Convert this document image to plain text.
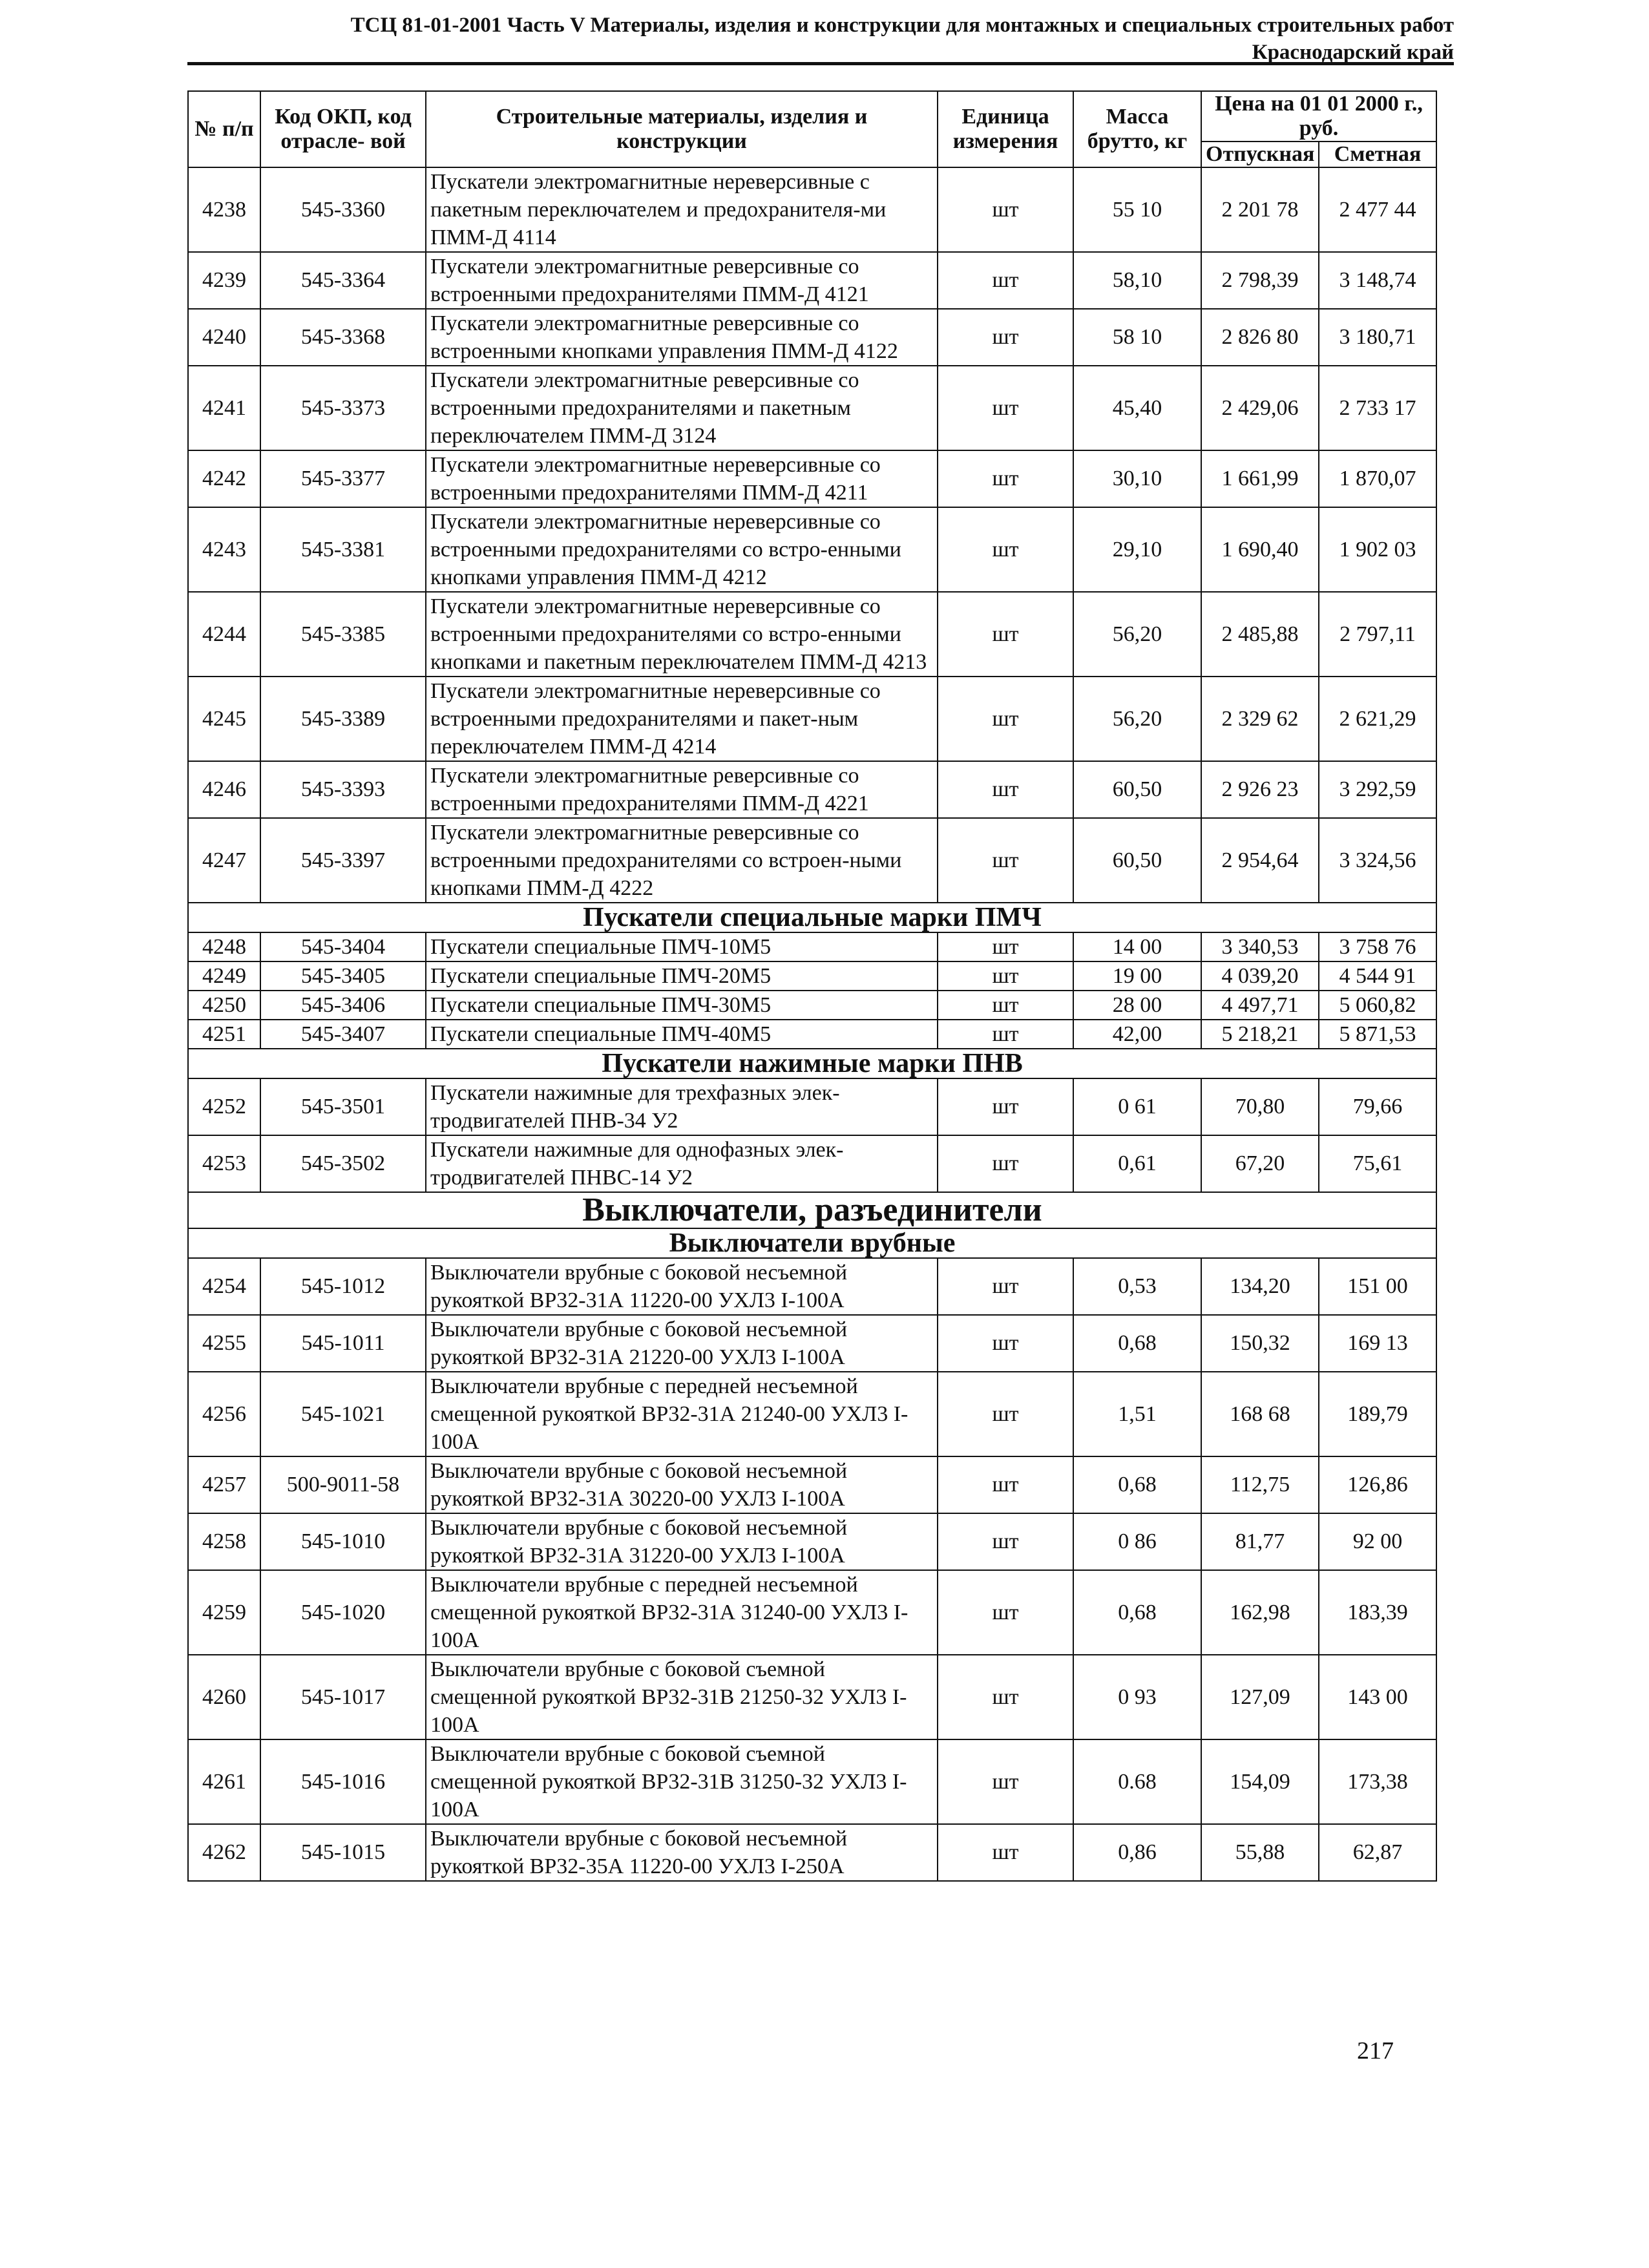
ТСЦ 81-01-2001 Часть V Материалы, изделия и конструкции для монтажных и специальных строительных работ
Краснодарский край
№ п/п	Код ОКП, код отрасле- вой	Строительные материалы, изделия и конструкции	Единица измерения	Масса брутто, кг	Цена на 01 01 2000 г., руб.	
					Отпускная	Сметная
4238	545-3360	Пускатели электромагнитные нереверсивные с пакетным переключателем и предохранителя-ми ПММ-Д 4114	шт	55 10	2 201 78	2 477 44
4239	545-3364	Пускатели электромагнитные реверсивные со встроенными предохранителями ПММ-Д 4121	шт	58,10	2 798,39	3 148,74
4240	545-3368	Пускатели электромагнитные реверсивные со встроенными кнопками управления ПММ-Д 4122	шт	58 10	2 826 80	3 180,71
4241	545-3373	Пускатели электромагнитные реверсивные со встроенными предохранителями и пакетным переключателем ПММ-Д 3124	шт	45,40	2 429,06	2 733 17
4242	545-3377	Пускатели электромагнитные нереверсивные со встроенными предохранителями ПММ-Д 4211	шт	30,10	1 661,99	1 870,07
4243	545-3381	Пускатели электромагнитные нереверсивные со встроенными предохранителями со встро-енными кнопками управления ПММ-Д 4212	шт	29,10	1 690,40	1 902 03
4244	545-3385	Пускатели электромагнитные нереверсивные со встроенными предохранителями со встро-енными кнопками и пакетным переключателем ПММ-Д 4213	шт	56,20	2 485,88	2 797,11
4245	545-3389	Пускатели электромагнитные нереверсивные со встроенными предохранителями и пакет-ным переключателем ПММ-Д 4214	шт	56,20	2 329 62	2 621,29
4246	545-3393	Пускатели электромагнитные реверсивные со встроенными предохранителями ПММ-Д 4221	шт	60,50	2 926 23	3 292,59
4247	545-3397	Пускатели электромагнитные реверсивные со встроенными предохранителями со встроен-ными кнопками ПММ-Д 4222	шт	60,50	2 954,64	3 324,56
Пускатели специальные марки ПМЧ						
4248	545-3404	Пускатели специальные ПМЧ-10М5	шт	14 00	3 340,53	3 758 76
4249	545-3405	Пускатели специальные ПМЧ-20М5	шт	19 00	4 039,20	4 544 91
4250	545-3406	Пускатели специальные ПМЧ-30М5	шт	28 00	4 497,71	5 060,82
4251	545-3407	Пускатели специальные ПМЧ-40М5	шт	42,00	5 218,21	5 871,53
Пускатели нажимные марки ПНВ						
4252	545-3501	Пускатели нажимные для трехфазных элек-тродвигателей ПНВ-34 У2	шт	0 61	70,80	79,66
4253	545-3502	Пускатели нажимные для однофазных элек-тродвигателей ПНВС-14 У2	шт	0,61	67,20	75,61
Выключатели, разъединители						
Выключатели врубные						
4254	545-1012	Выключатели врубные с боковой несъемной рукояткой ВР32-31А 11220-00 УХЛ3 I-100А	шт	0,53	134,20	151 00
4255	545-1011	Выключатели врубные с боковой несъемной рукояткой ВР32-31А 21220-00 УХЛ3 I-100А	шт	0,68	150,32	169 13
4256	545-1021	Выключатели врубные с передней несъемной смещенной рукояткой ВР32-31А 21240-00 УХЛ3 I-100А	шт	1,51	168 68	189,79
4257	500-9011-58	Выключатели врубные с боковой несъемной рукояткой ВР32-31А 30220-00 УХЛ3 I-100А	шт	0,68	112,75	126,86
4258	545-1010	Выключатели врубные с боковой несъемной рукояткой ВР32-31А 31220-00 УХЛ3 I-100А	шт	0 86	81,77	92 00
4259	545-1020	Выключатели врубные с передней несъемной смещенной рукояткой ВР32-31А 31240-00 УХЛ3 I-100А	шт	0,68	162,98	183,39
4260	545-1017	Выключатели врубные с боковой съемной смещенной рукояткой ВР32-31В 21250-32 УХЛ3 I-100А	шт	0 93	127,09	143 00
4261	545-1016	Выключатели врубные с боковой съемной смещенной рукояткой ВР32-31В 31250-32 УХЛ3 I-100А	шт	0.68	154,09	173,38
4262	545-1015	Выключатели врубные с боковой несъемной рукояткой ВР32-35А 11220-00 УХЛ3 I-250А	шт	0,86	55,88	62,87
217
